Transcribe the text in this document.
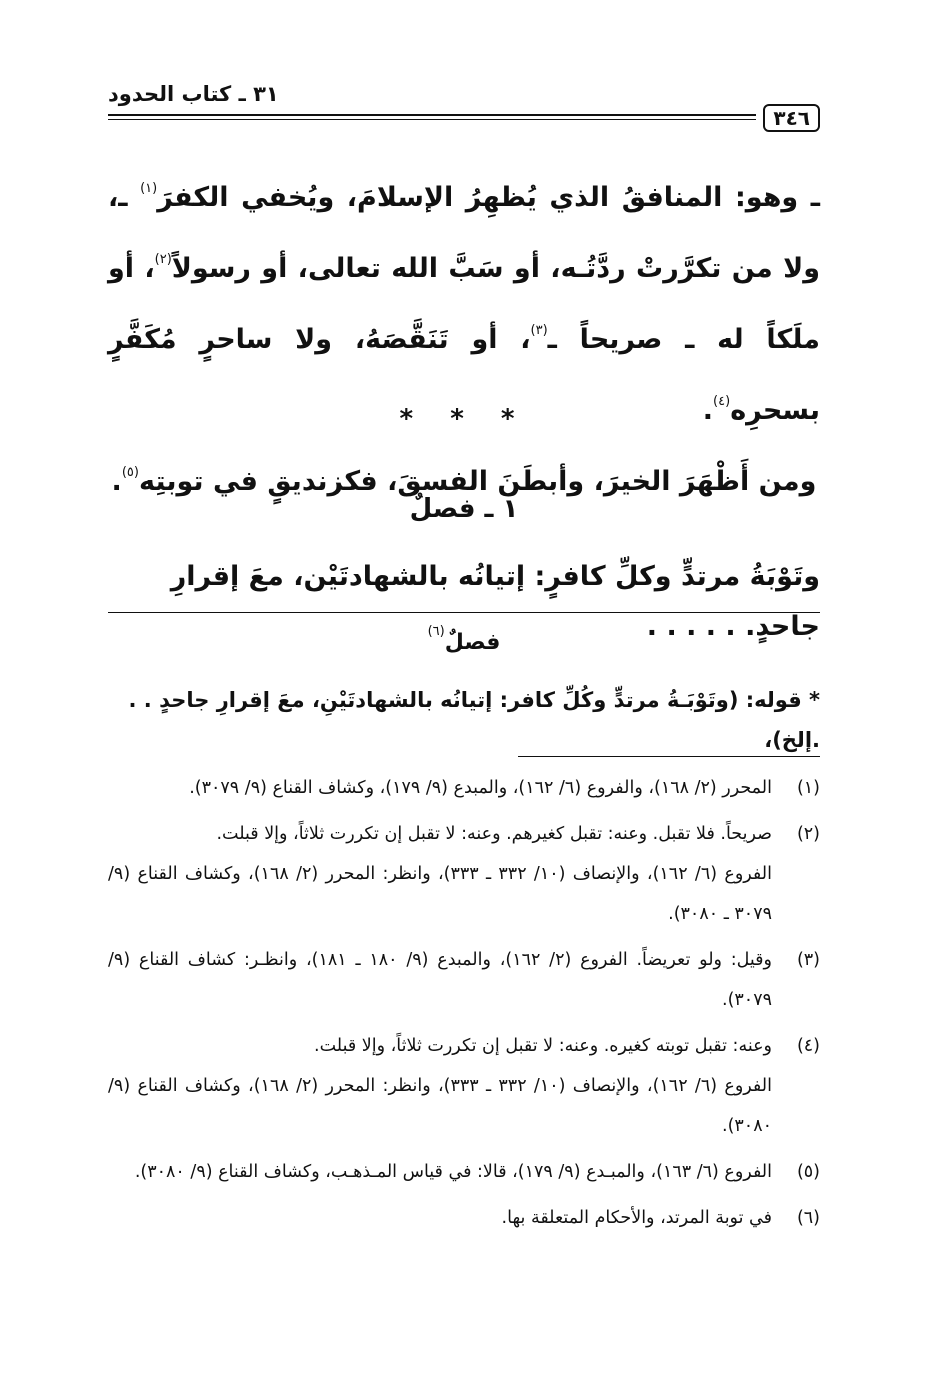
٣٤٦
٣١ ـ كتاب الحدود

ـ وهو: المنافقُ الذي يُظهِرُ الإسلامَ، ويُخفي الكفرَ$^{(١)}$ ـ، ولا من تكرَّرتْ ردَّتُـه، أو سَبَّ الله تعالى، أو رسولاً$^{(٢)}$، أو ملَكاً له ـ صريحاً ـ$^{(٣)}$، أو تَنَقَّصَهُ، ولا ساحرٍ مُكَفَّرٍ بسحرِه$^{(٤)}$.

ومن أَظْهَرَ الخيرَ، وأبطَنَ الفسقَ، فكزنديقٍ في توبتِه$^{(٥)}$.

* * *
١ ـ فصلٌ
وتَوْبَةُ مرتدٍّ وكلِّ كافرٍ: إتيانُه بالشهادتَيْن، معَ إقرارِ جاحدٍ. . . . . .
فصلٌ$^{(٦)}$
* قوله: (وتَوْبَـةُ مرتدٍّ وكُلِّ كافر: إتيانُه بالشهادتَيْنِ، معَ إقرارِ جاحدٍ . . .إلخ)،
(١)

المحرر (٢/ ١٦٨)، والفروع (٦/ ١٦٢)، والمبدع (٩/ ١٧٩)، وكشاف القناع (٩/ ٣٠٧٩).

(٢)

صريحاً. فلا تقبل. وعنه: تقبل كغيرهم. وعنه: لا تقبل إن تكررت ثلاثاً، وإلا قبلت.

الفروع (٦/ ١٦٢)، والإنصاف (١٠/ ٣٣٢ ـ ٣٣٣)، وانظر: المحرر (٢/ ١٦٨)، وكشاف القناع (٩/ ٣٠٧٩ ـ ٣٠٨٠).

(٣)

وقيل: ولو تعريضاً. الفروع (٢/ ١٦٢)، والمبدع (٩/ ١٨٠ ـ ١٨١)، وانظـر: كشاف القناع (٩/ ٣٠٧٩).

(٤)

وعنه: تقبل توبته كغيره. وعنه: لا تقبل إن تكررت ثلاثاً، وإلا قبلت.

الفروع (٦/ ١٦٢)، والإنصاف (١٠/ ٣٣٢ ـ ٣٣٣)، وانظر: المحرر (٢/ ١٦٨)، وكشاف القناع (٩/ ٣٠٨٠).

(٥)

الفروع (٦/ ١٦٣)، والمبـدع (٩/ ١٧٩)، قالا: في قياس المـذهـب، وكشاف القناع (٩/ ٣٠٨٠).

(٦)

في توبة المرتد، والأحكام المتعلقة بها.
